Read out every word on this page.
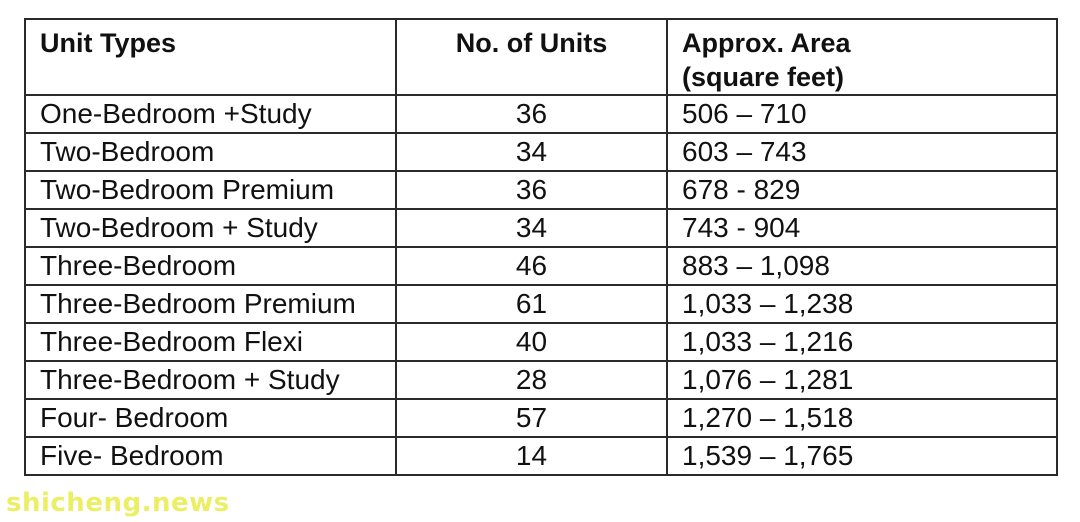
Unit Types	No. of Units	Approx. Area
(square feet)

One-Bedroom +Study	36	506 – 710
Two-Bedroom	34	603 – 743
Two-Bedroom Premium	36	678 - 829
Two-Bedroom + Study	34	743 - 904
Three-Bedroom	46	883 – 1,098
Three-Bedroom Premium	61	1,033 – 1,238
Three-Bedroom Flexi	40	1,033 – 1,216
Three-Bedroom + Study	28	1,076 – 1,281
Four- Bedroom	57	1,270 – 1,518
Five- Bedroom	14	1,539 – 1,765
shicheng.news
